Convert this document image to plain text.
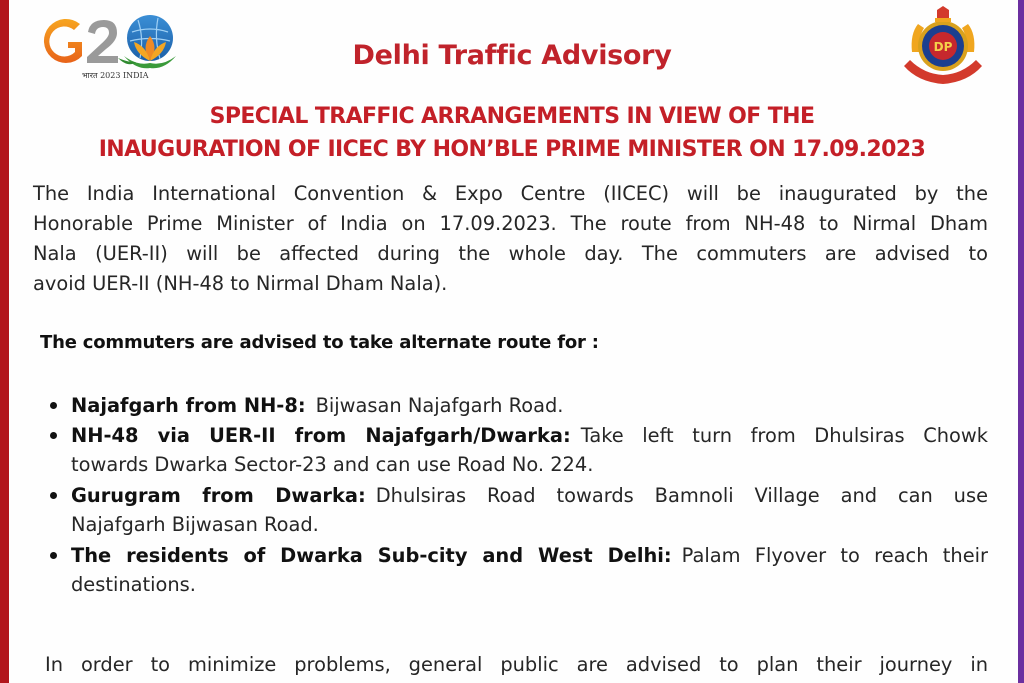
भारत 2023 INDIA
DP
Delhi Traffic Advisory
SPECIAL TRAFFIC ARRANGEMENTS IN VIEW OF THE
INAUGURATION OF IICEC BY HON’BLE PRIME MINISTER ON 17.09.2023
The India International Convention & Expo Centre (IICEC) will be inaugurated by the
Honorable Prime Minister of India on 17.09.2023. The route from NH-48 to Nirmal Dham
Nala (UER-II) will be affected during the whole day. The commuters are advised to
avoid UER-II (NH-48 to Nirmal Dham Nala).
The commuters are advised to take alternate route for :
Najafgarh from NH-8: Bijwasan Najafgarh Road.
NH-48 via UER-II from Najafgarh/Dwarka: Take left turn from Dhulsiras Chowk
towards Dwarka Sector-23 and can use Road No. 224.
Gurugram from Dwarka: Dhulsiras Road towards Bamnoli Village and can use
Najafgarh Bijwasan Road.
The residents of Dwarka Sub-city and West Delhi: Palam Flyover to reach their
destinations.
In order to minimize problems, general public are advised to plan their journey in
